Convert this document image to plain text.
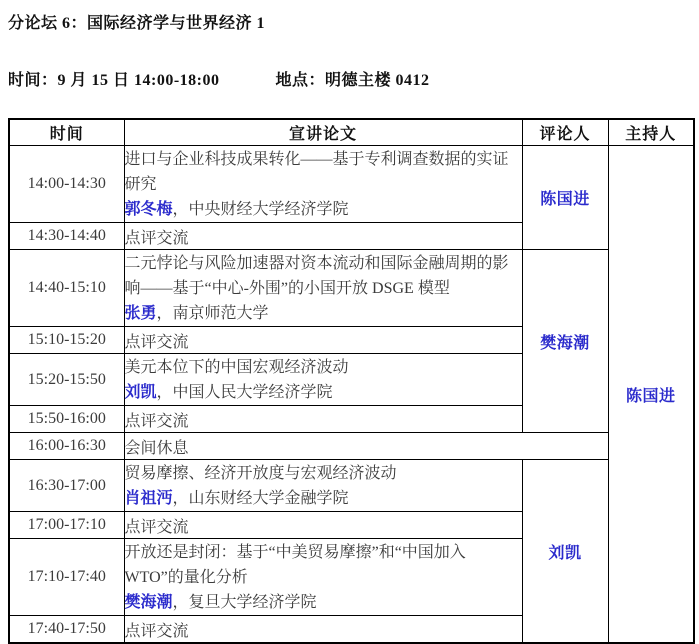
分论坛 6：国际经济学与世界经济 1
时间：9 月 15 日 14:00-18:00	地点：明德主楼 0412
时间	宣讲论文	评论人	主持人
14:00-14:30	进口与企业科技成果转化——基于专利调查数据的实证研究
郭冬梅，中央财经大学经济学院	陈国进	陈国进
14:30-14:40	点评交流		
14:40-15:10	二元悖论与风险加速器对资本流动和国际金融周期的影响——基于“中心-外围”的小国开放 DSGE 模型
张勇，南京师范大学	樊海潮	
15:10-15:20	点评交流		
15:20-15:50	美元本位下的中国宏观经济波动
刘凯，中国人民大学经济学院		

15:50-16:00	点评交流		
16:00-16:30	会间休息		
16:30-17:00	贸易摩擦、经济开放度与宏观经济波动
肖祖沔，山东财经大学金融学院	刘凯	
17:00-17:10	点评交流		
17:10-17:40	开放还是封闭：基于“中美贸易摩擦”和“中国加入WTO”的量化分析
樊海潮，复旦大学经济学院		

17:40-17:50	点评交流		
